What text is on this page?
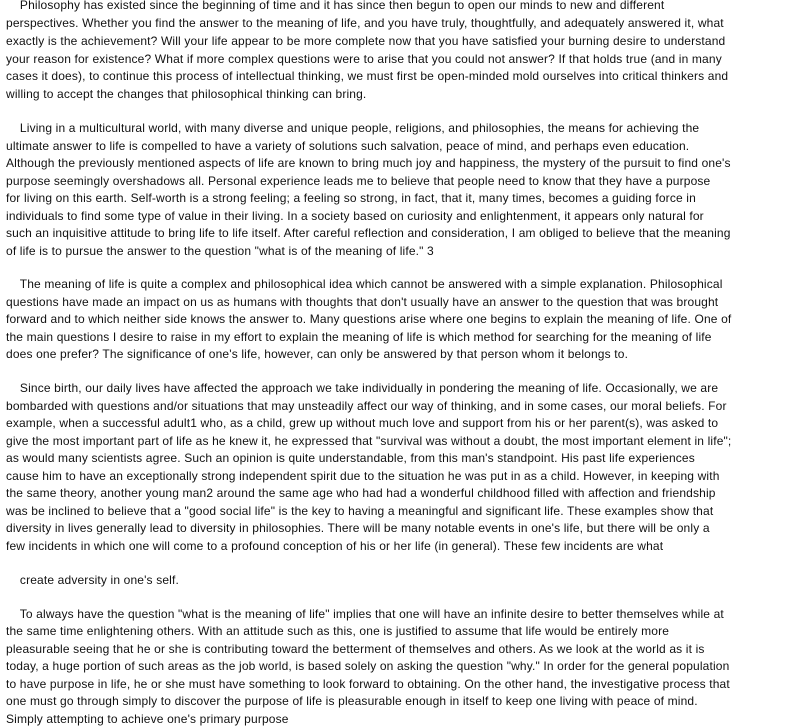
Philosophy has existed since the beginning of time and it has since then begun to open our minds to new and different
perspectives. Whether you find the answer to the meaning of life, and you have truly, thoughtfully, and adequately answered it, what
exactly is the achievement? Will your life appear to be more complete now that you have satisfied your burning desire to understand
your reason for existence? What if more complex questions were to arise that you could not answer? If that holds true (and in many
cases it does), to continue this process of intellectual thinking, we must first be open-minded mold ourselves into critical thinkers and
willing to accept the changes that philosophical thinking can bring.
Living in a multicultural world, with many diverse and unique people, religions, and philosophies, the means for achieving the
ultimate answer to life is compelled to have a variety of solutions such salvation, peace of mind, and perhaps even education.
Although the previously mentioned aspects of life are known to bring much joy and happiness, the mystery of the pursuit to find one's
purpose seemingly overshadows all. Personal experience leads me to believe that people need to know that they have a purpose
for living on this earth. Self-worth is a strong feeling; a feeling so strong, in fact, that it, many times, becomes a guiding force in
individuals to find some type of value in their living. In a society based on curiosity and enlightenment, it appears only natural for
such an inquisitive attitude to bring life to life itself. After careful reflection and consideration, I am obliged to believe that the meaning
of life is to pursue the answer to the question "what is of the meaning of life." 3
The meaning of life is quite a complex and philosophical idea which cannot be answered with a simple explanation. Philosophical
questions have made an impact on us as humans with thoughts that don't usually have an answer to the question that was brought
forward and to which neither side knows the answer to. Many questions arise where one begins to explain the meaning of life. One of
the main questions I desire to raise in my effort to explain the meaning of life is which method for searching for the meaning of life
does one prefer? The significance of one's life, however, can only be answered by that person whom it belongs to.
Since birth, our daily lives have affected the approach we take individually in pondering the meaning of life. Occasionally, we are
bombarded with questions and/or situations that may unsteadily affect our way of thinking, and in some cases, our moral beliefs. For
example, when a successful adult1 who, as a child, grew up without much love and support from his or her parent(s), was asked to
give the most important part of life as he knew it, he expressed that "survival was without a doubt, the most important element in life";
as would many scientists agree. Such an opinion is quite understandable, from this man's standpoint. His past life experiences
cause him to have an exceptionally strong independent spirit due to the situation he was put in as a child. However, in keeping with
the same theory, another young man2 around the same age who had had a wonderful childhood filled with affection and friendship
was be inclined to believe that a "good social life" is the key to having a meaningful and significant life. These examples show that
diversity in lives generally lead to diversity in philosophies. There will be many notable events in one's life, but there will be only a
few incidents in which one will come to a profound conception of his or her life (in general). These few incidents are what
create adversity in one's self.
To always have the question "what is the meaning of life" implies that one will have an infinite desire to better themselves while at
the same time enlightening others. With an attitude such as this, one is justified to assume that life would be entirely more
pleasurable seeing that he or she is contributing toward the betterment of themselves and others. As we look at the world as it is
today, a huge portion of such areas as the job world, is based solely on asking the question "why." In order for the general population
to have purpose in life, he or she must have something to look forward to obtaining. On the other hand, the investigative process that
one must go through simply to discover the purpose of life is pleasurable enough in itself to keep one living with peace of mind.
Simply attempting to achieve one's primary purpose
